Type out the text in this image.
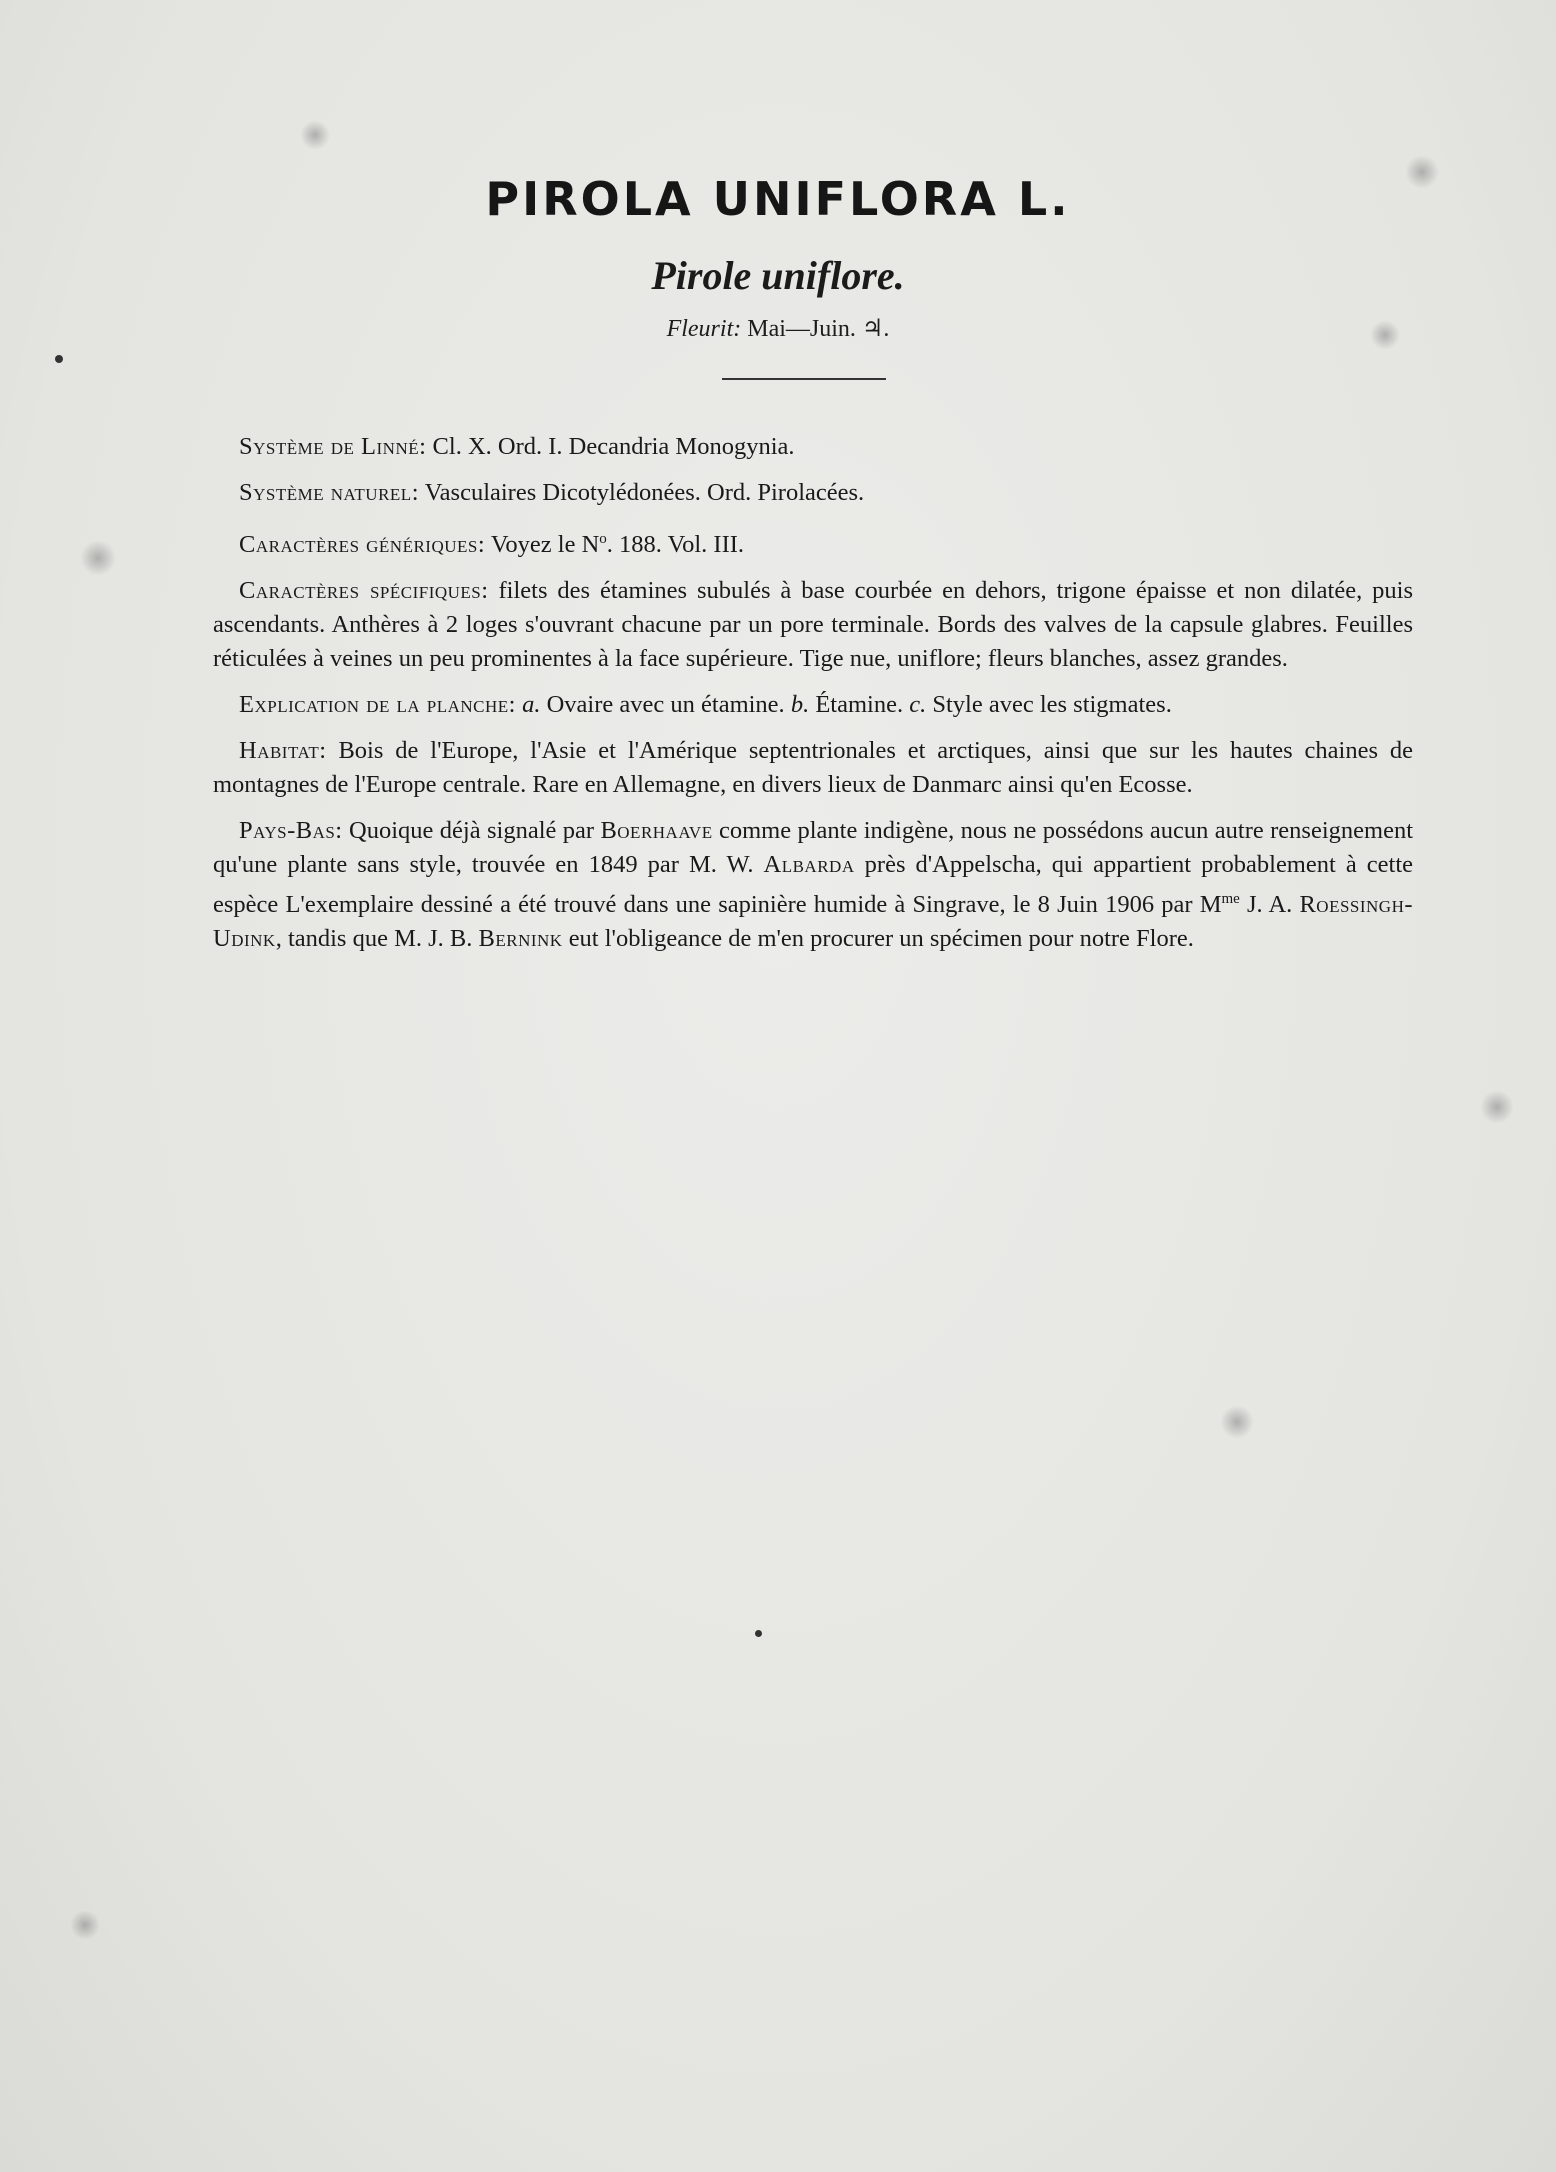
PIROLA UNIFLORA L.
Pirole uniflore.
Fleurit: Mai—Juin. ♃.

Système de Linné: Cl. X. Ord. I. Decandria Monogynia.

Système naturel: Vasculaires Dicotylédonées. Ord. Pirolacées.

Caractères génériques: Voyez le $N^o$. 188. Vol. III.

Caractères spécifiques: filets des étamines subulés à base courbée en dehors, trigone épaisse et non dilatée, puis ascendants. Anthères à 2 loges s'ouvrant chacune par un pore terminale. Bords des valves de la capsule glabres. Feuilles réticulées à veines un peu prominentes à la face supérieure. Tige nue, uniflore; fleurs blanches, assez grandes.

Explication de la planche: a. Ovaire avec un étamine. b. Étamine. c. Style avec les stigmates.

Habitat: Bois de l'Europe, l'Asie et l'Amérique septentrionales et arctiques, ainsi que sur les hautes chaines de montagnes de l'Europe centrale. Rare en Allemagne, en divers lieux de Danmarc ainsi qu'en Ecosse.

Pays-Bas: Quoique déjà signalé par Boerhaave comme plante indigène, nous ne possédons aucun autre renseignement qu'une plante sans style, trouvée en 1849 par M. W. Albarda près d'Appelscha, qui appartient probablement à cette espèce L'exemplaire dessiné a été trouvé dans une sapinière humide à Singrave, le 8 Juin 1906 par $M^{me}$ J. A. Roessingh-Udink, tandis que M. J. B. Bernink eut l'obligeance de m'en procurer un spécimen pour notre Flore.
